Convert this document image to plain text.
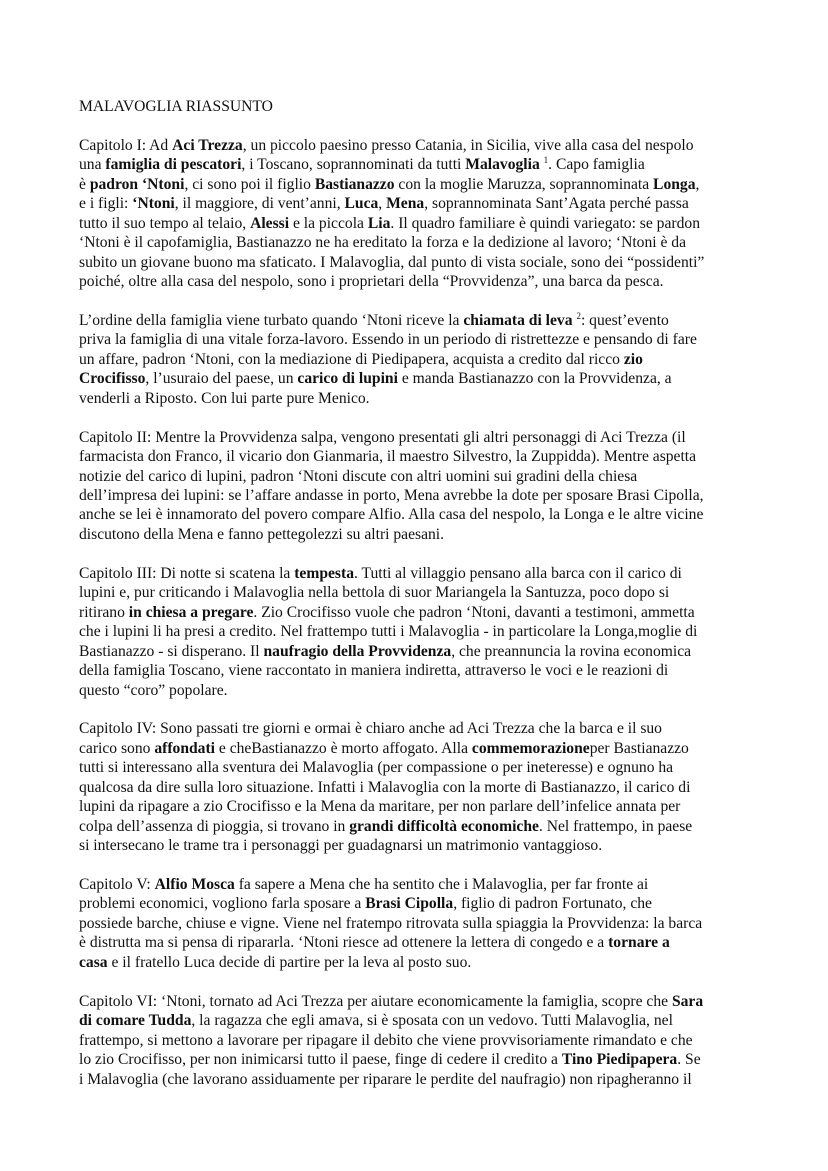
MALAVOGLIA RIASSUNTO

Capitolo I: Ad Aci Trezza, un piccolo paesino presso Catania, in Sicilia, vive alla casa del nespolo
una famiglia di pescatori, i Toscano, soprannominati da tutti Malavoglia $^1$. Capo famiglia
è padron ‘Ntoni, ci sono poi il figlio Bastianazzo con la moglie Maruzza, soprannominata Longa,
e i figli: ‘Ntoni, il maggiore, di vent’anni, Luca, Mena, soprannominata Sant’Agata perché passa
tutto il suo tempo al telaio, Alessi e la piccola Lia. Il quadro familiare è quindi variegato: se pardon
‘Ntoni è il capofamiglia, Bastianazzo ne ha ereditato la forza e la dedizione al lavoro; ‘Ntoni è da
subito un giovane buono ma sfaticato. I Malavoglia, dal punto di vista sociale, sono dei “possidenti”
poiché, oltre alla casa del nespolo, sono i proprietari della “Provvidenza”, una barca da pesca.

L’ordine della famiglia viene turbato quando ‘Ntoni riceve la chiamata di leva $^2$: quest’evento
priva la famiglia di una vitale forza-lavoro. Essendo in un periodo di ristrettezze e pensando di fare
un affare, padron ‘Ntoni, con la mediazione di Piedipapera, acquista a credito dal ricco zio
Crocifisso, l’usuraio del paese, un carico di lupini e manda Bastianazzo con la Provvidenza, a
venderli a Riposto. Con lui parte pure Menico.

Capitolo II: Mentre la Provvidenza salpa, vengono presentati gli altri personaggi di Aci Trezza (il
farmacista don Franco, il vicario don Gianmaria, il maestro Silvestro, la Zuppidda). Mentre aspetta
notizie del carico di lupini, padron ‘Ntoni discute con altri uomini sui gradini della chiesa
dell’impresa dei lupini: se l’affare andasse in porto, Mena avrebbe la dote per sposare Brasi Cipolla,
anche se lei è innamorato del povero compare Alfio. Alla casa del nespolo, la Longa e le altre vicine
discutono della Mena e fanno pettegolezzi su altri paesani.

Capitolo III: Di notte si scatena la tempesta. Tutti al villaggio pensano alla barca con il carico di
lupini e, pur criticando i Malavoglia nella bettola di suor Mariangela la Santuzza, poco dopo si
ritirano in chiesa a pregare. Zio Crocifisso vuole che padron ‘Ntoni, davanti a testimoni, ammetta
che i lupini li ha presi a credito. Nel frattempo tutti i Malavoglia - in particolare la Longa,moglie di
Bastianazzo - si disperano. Il naufragio della Provvidenza, che preannuncia la rovina economica
della famiglia Toscano, viene raccontato in maniera indiretta, attraverso le voci e le reazioni di
questo “coro” popolare.

Capitolo IV: Sono passati tre giorni e ormai è chiaro anche ad Aci Trezza che la barca e il suo
carico sono affondati e cheBastianazzo è morto affogato. Alla commemorazioneper Bastianazzo
tutti si interessano alla sventura dei Malavoglia (per compassione o per ineteresse) e ognuno ha
qualcosa da dire sulla loro situazione. Infatti i Malavoglia con la morte di Bastianazzo, il carico di
lupini da ripagare a zio Crocifisso e la Mena da maritare, per non parlare dell’infelice annata per
colpa dell’assenza di pioggia, si trovano in grandi difficoltà economiche. Nel frattempo, in paese
si intersecano le trame tra i personaggi per guadagnarsi un matrimonio vantaggioso.

Capitolo V: Alfio Mosca fa sapere a Mena che ha sentito che i Malavoglia, per far fronte ai
problemi economici, vogliono farla sposare a Brasi Cipolla, figlio di padron Fortunato, che
possiede barche, chiuse e vigne. Viene nel fratempo ritrovata sulla spiaggia la Provvidenza: la barca
è distrutta ma si pensa di ripararla. ‘Ntoni riesce ad ottenere la lettera di congedo e a tornare a
casa e il fratello Luca decide di partire per la leva al posto suo.

Capitolo VI: ‘Ntoni, tornato ad Aci Trezza per aiutare economicamente la famiglia, scopre che Sara
di comare Tudda, la ragazza che egli amava, si è sposata con un vedovo. Tutti Malavoglia, nel
frattempo, si mettono a lavorare per ripagare il debito che viene provvisoriamente rimandato e che
lo zio Crocifisso, per non inimicarsi tutto il paese, finge di cedere il credito a Tino Piedipapera. Se
i Malavoglia (che lavorano assiduamente per riparare le perdite del naufragio) non ripagheranno il
